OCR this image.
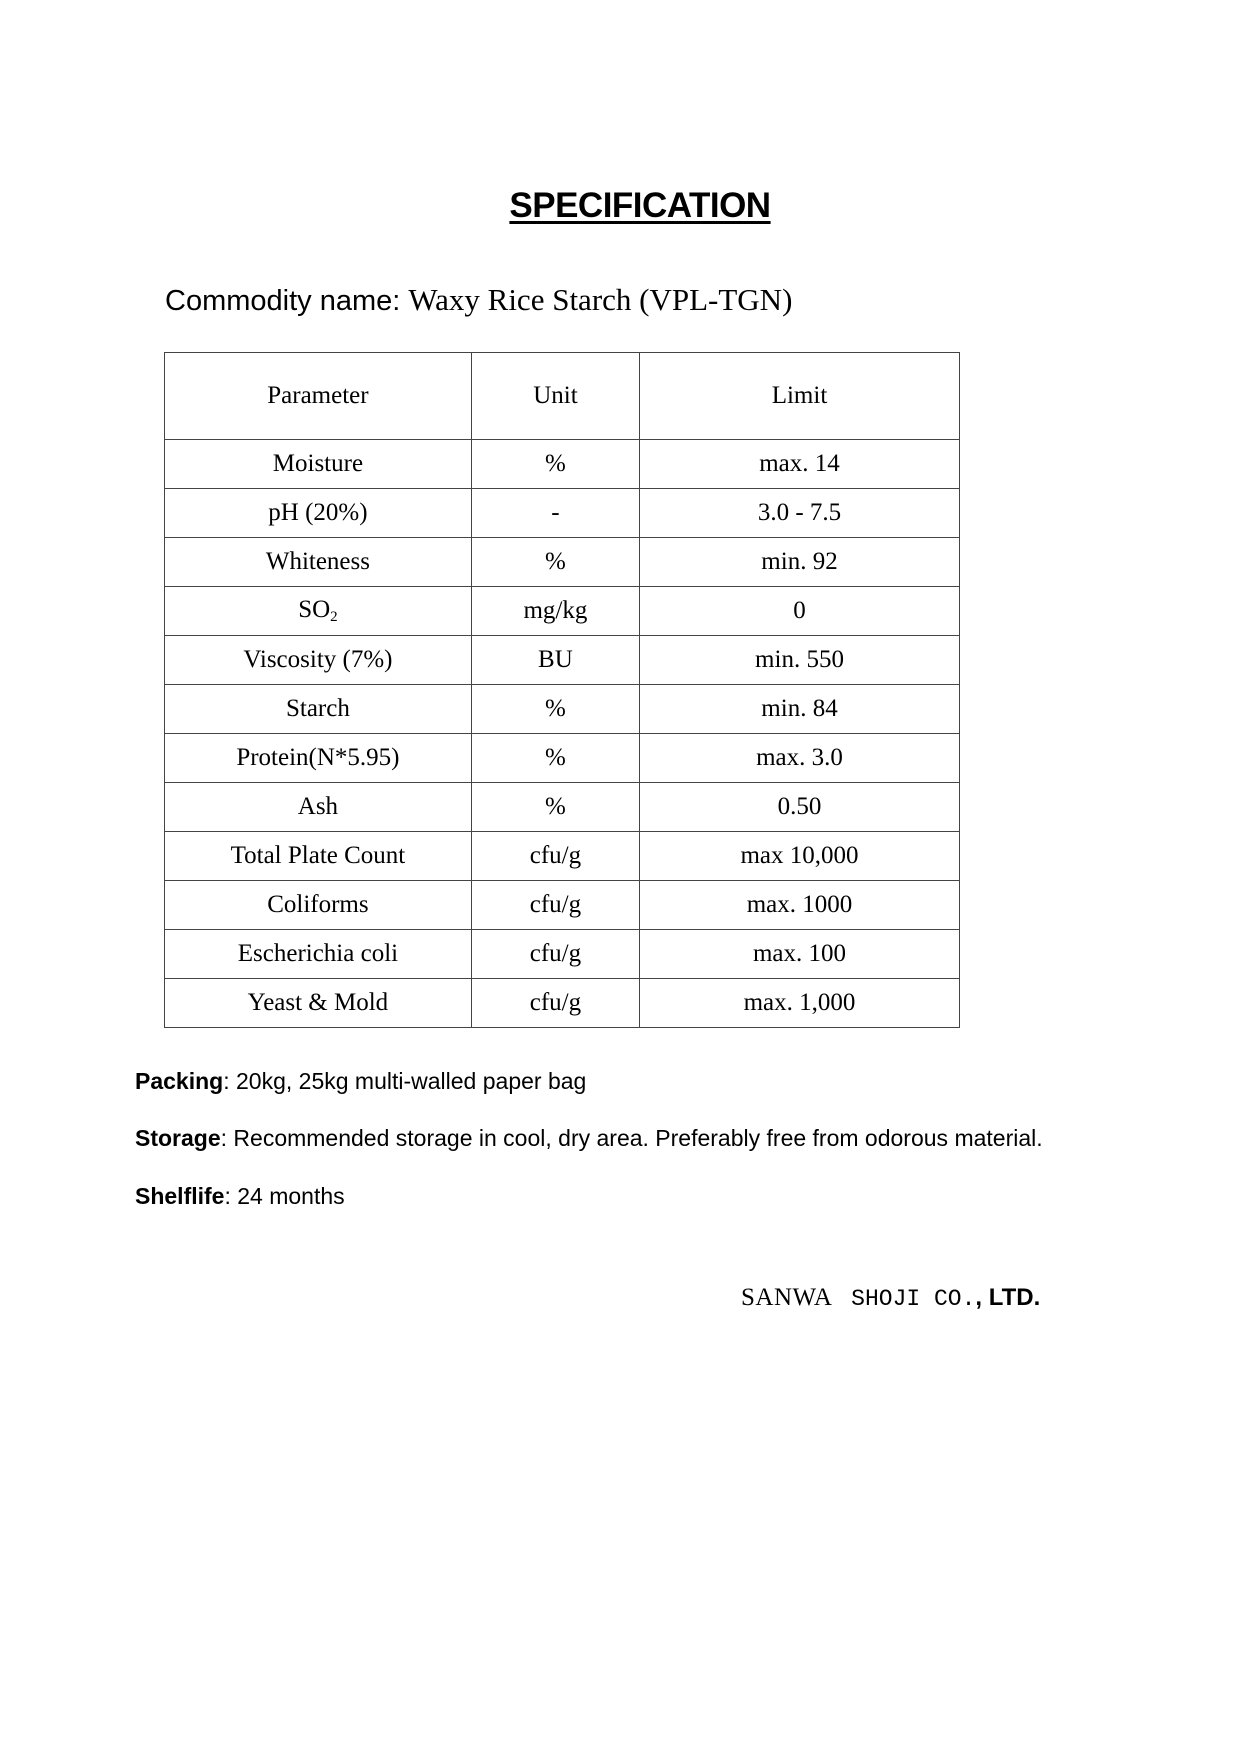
SPECIFICATION
Commodity name: Waxy Rice Starch (VPL-TGN)
Parameter	Unit	Limit
Moisture	%	max. 14
pH (20%)	-	3.0 - 7.5
Whiteness	%	min. 92
$SO_2$	mg/kg	0
Viscosity (7%)	BU	min. 550
Starch	%	min. 84
Protein(N*5.95)	%	max. 3.0
Ash	%	0.50
Total Plate Count	cfu/g	max 10,000
Coliforms	cfu/g	max. 1000
Escherichia coli	cfu/g	max. 100
Yeast & Mold	cfu/g	max. 1,000
Packing: 20kg, 25kg multi-walled paper bag
Storage: Recommended storage in cool, dry area. Preferably free from odorous material.
Shelflife: 24 months
SANWA SHOJI CO., LTD.
